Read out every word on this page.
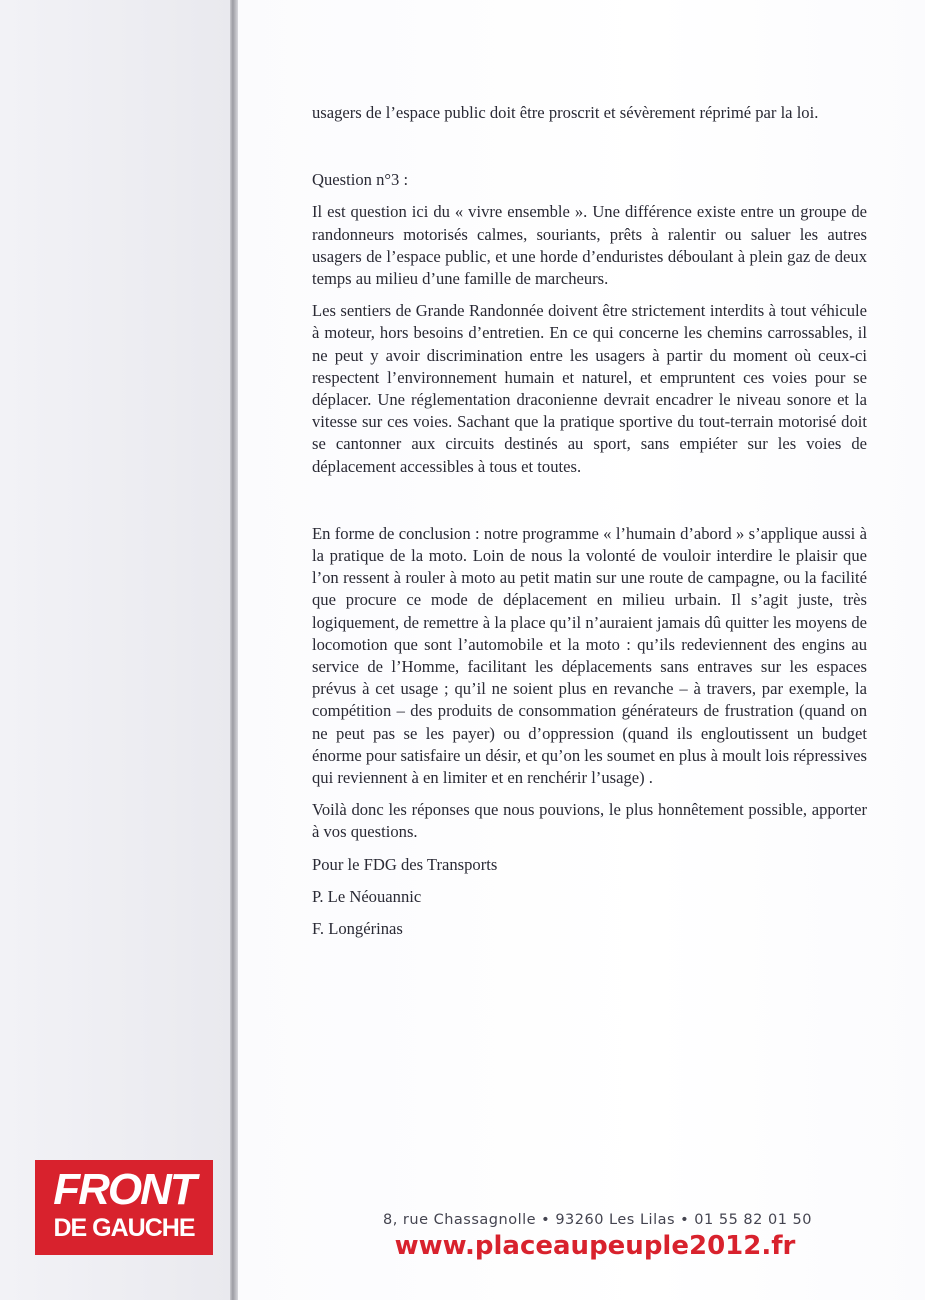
usagers de l’espace public doit être proscrit et sévèrement réprimé par la loi.

Question n°3 :

Il est question ici du « vivre ensemble ». Une différence existe entre un groupe de randonneurs motorisés calmes, souriants, prêts à ralentir ou saluer les autres usagers de l’espace public, et une horde d’enduristes déboulant à plein gaz de deux temps au milieu d’une famille de marcheurs.

Les sentiers de Grande Randonnée doivent être strictement interdits à tout véhicule à moteur, hors besoins d’entretien. En ce qui concerne les chemins carrossables, il ne peut y avoir discrimination entre les usagers à partir du moment où ceux-ci respectent l’environnement humain et naturel, et empruntent ces voies pour se déplacer. Une réglementation draconienne devrait encadrer le niveau sonore et la vitesse sur ces voies. Sachant que la pratique sportive du tout-terrain motorisé doit se cantonner aux circuits destinés au sport, sans empiéter sur les voies de déplacement accessibles à tous et toutes.

En forme de conclusion : notre programme « l’humain d’abord » s’applique aussi à la pratique de la moto. Loin de nous la volonté de vouloir interdire le plaisir que l’on ressent à rouler à moto au petit matin sur une route de campagne, ou la facilité que procure ce mode de déplacement en milieu urbain. Il s’agit juste, très logiquement, de remettre à la place qu’il n’auraient jamais dû quitter les moyens de locomotion que sont l’automobile et la moto : qu’ils redeviennent des engins au service de l’Homme, facilitant les déplacements sans entraves sur les espaces prévus à cet usage ; qu’il ne soient plus en revanche – à travers, par exemple, la compétition – des produits de consommation générateurs de frustration (quand on ne peut pas se les payer) ou d’oppression (quand ils engloutissent un budget énorme pour satisfaire un désir, et qu’on les soumet en plus à moult lois répressives qui reviennent à en limiter et en renchérir l’usage) .

Voilà donc les réponses que nous pouvions, le plus honnêtement possible, apporter à vos questions.

Pour le FDG des Transports

P. Le Néouannic

F. Longérinas

FRONT
DE GAUCHE	8, rue Chassagnolle • 93260 Les Lilas • 01 55 82 01 50
www.placeaupeuple2012.fr
